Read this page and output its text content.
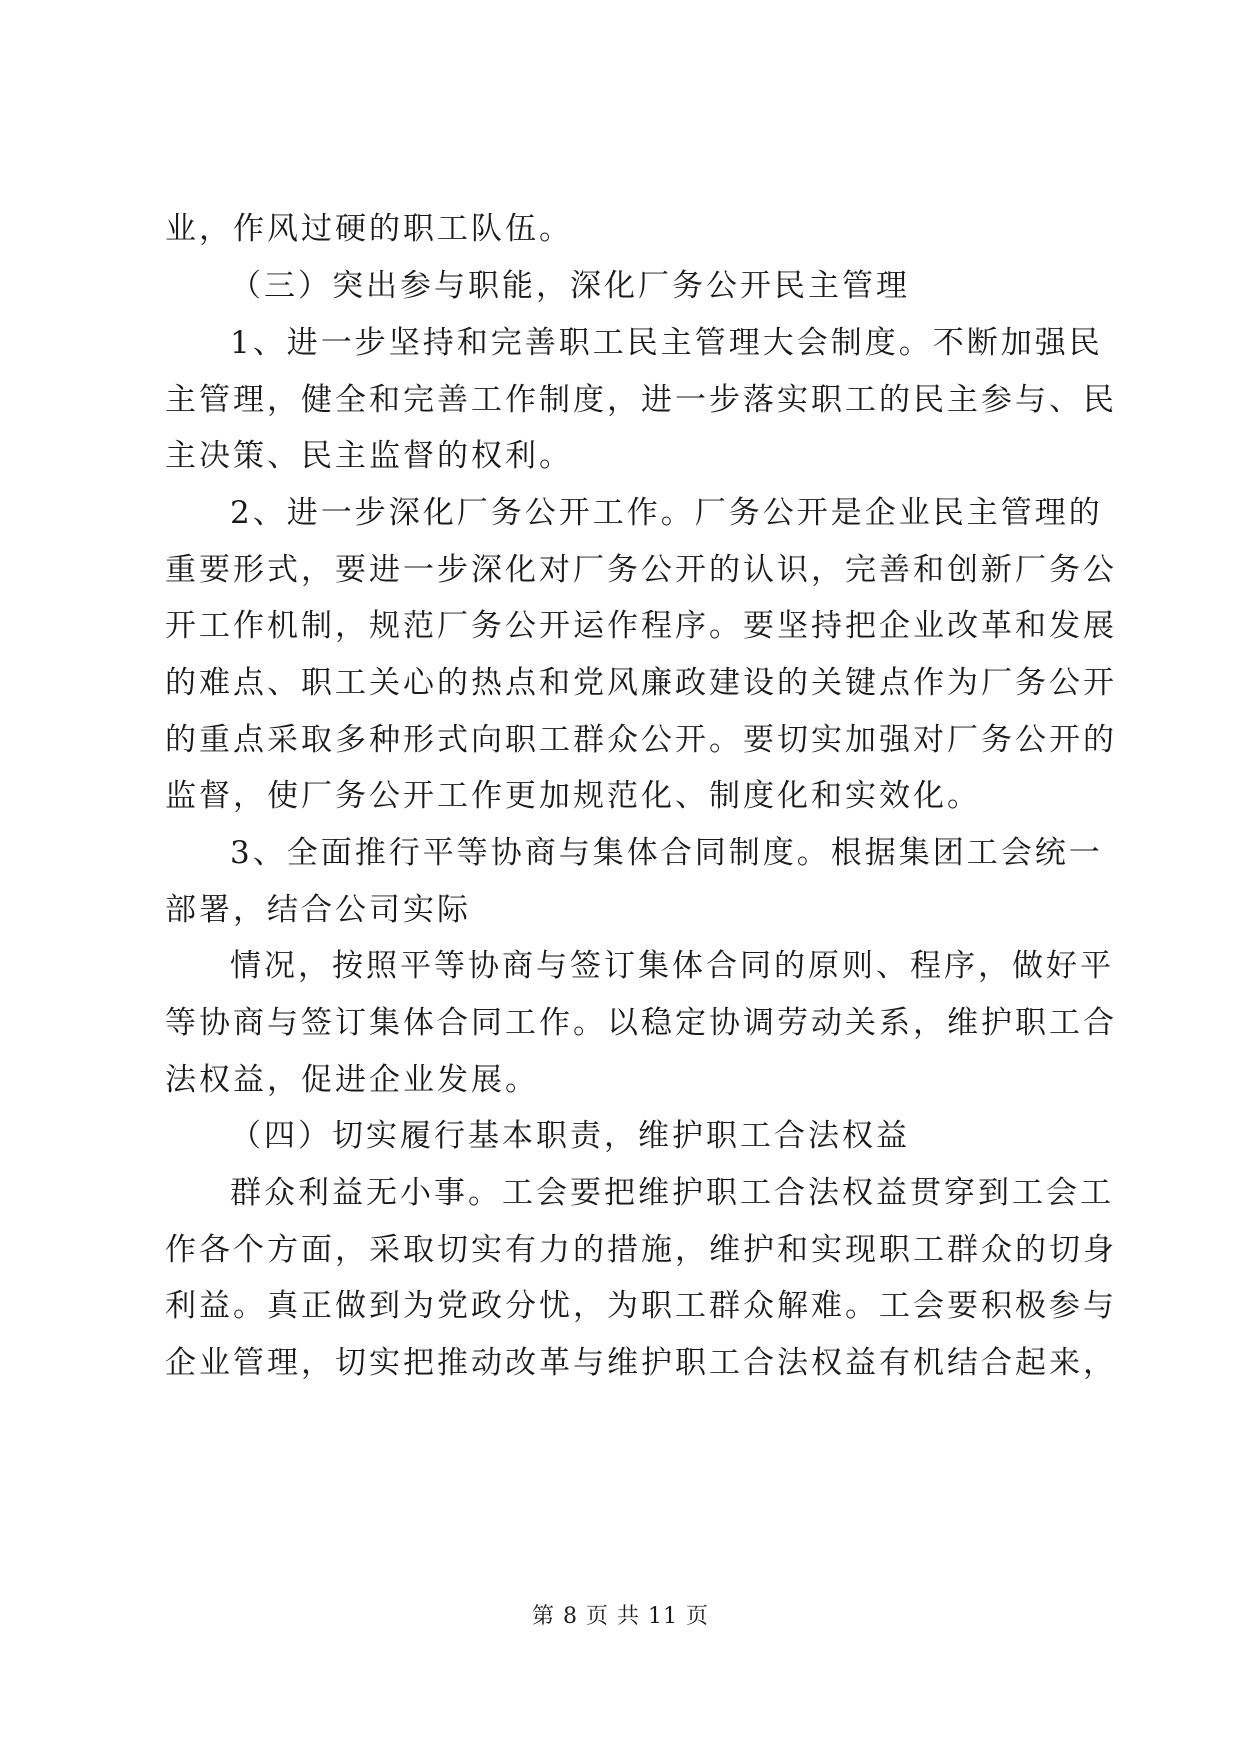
业，作风过硬的职工队伍。
（三）突出参与职能，深化厂务公开民主管理
1、进一步坚持和完善职工民主管理大会制度。不断加强民
主管理，健全和完善工作制度，进一步落实职工的民主参与、民
主决策、民主监督的权利。
2、进一步深化厂务公开工作。厂务公开是企业民主管理的
重要形式，要进一步深化对厂务公开的认识，完善和创新厂务公
开工作机制，规范厂务公开运作程序。要坚持把企业改革和发展
的难点、职工关心的热点和党风廉政建设的关键点作为厂务公开
的重点采取多种形式向职工群众公开。要切实加强对厂务公开的
监督，使厂务公开工作更加规范化、制度化和实效化。
3、全面推行平等协商与集体合同制度。根据集团工会统一
部署，结合公司实际
情况，按照平等协商与签订集体合同的原则、程序，做好平
等协商与签订集体合同工作。以稳定协调劳动关系，维护职工合
法权益，促进企业发展。
（四）切实履行基本职责，维护职工合法权益
群众利益无小事。工会要把维护职工合法权益贯穿到工会工
作各个方面，采取切实有力的措施，维护和实现职工群众的切身
利益。真正做到为党政分忧，为职工群众解难。工会要积极参与
企业管理，切实把推动改革与维护职工合法权益有机结合起来，
第 8 页 共 11 页
